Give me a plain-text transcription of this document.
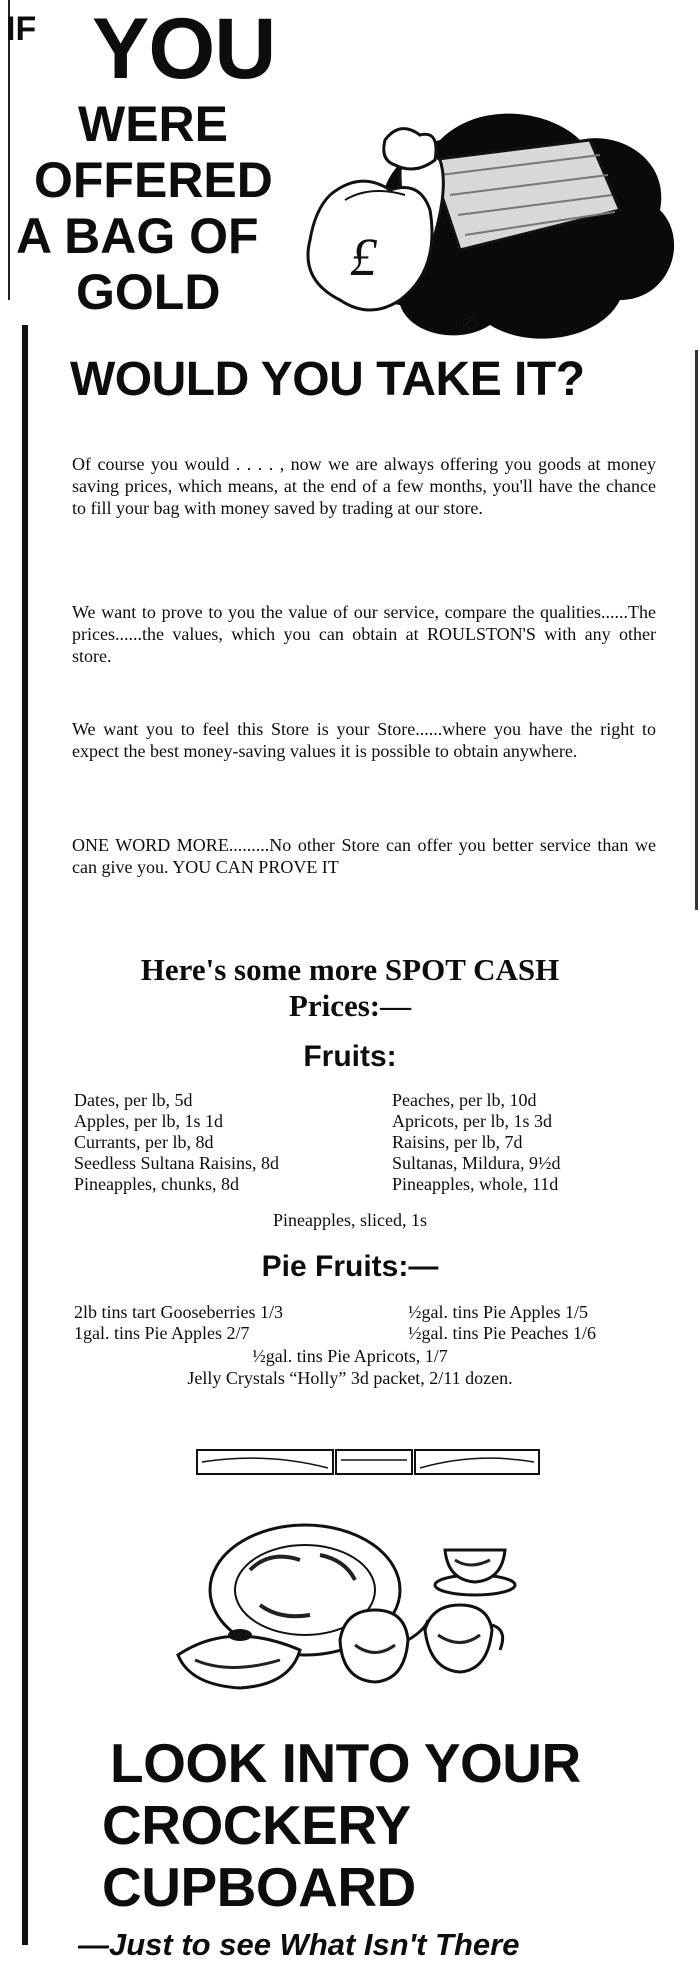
IF YOU
WERE
OFFERED
A BAG OF
GOLD
£
©
WOULD YOU TAKE IT?
Of course you would . . . . , now we are always offering you goods at money saving prices, which means, at the end of a few months, you'll have the chance to fill your bag with money saved by trading at our store.
We want to prove to you the value of our service, compare the qualities......The prices......the values, which you can obtain at ROULSTON'S with any other store.
We want you to feel this Store is your Store......where you have the right to expect the best money-saving values it is possible to obtain anywhere.
ONE WORD MORE.........No other Store can offer you better service than we can give you. YOU CAN PROVE IT
Here's some more SPOT CASH
Prices:—
Fruits:
Dates, per lb, 5d
Apples, per lb, 1s 1d
Currants, per lb, 8d
Seedless Sultana Raisins, 8d
Pineapples, chunks, 8d
Peaches, per lb, 10d
Apricots, per lb, 1s 3d
Raisins, per lb, 7d
Sultanas, Mildura, 9½d
Pineapples, whole, 11d
Pineapples, sliced, 1s
Pie Fruits:—
2lb tins tart Gooseberries 1/3
1gal. tins Pie Apples 2/7
½gal. tins Pie Apples 1/5
½gal. tins Pie Peaches 1/6
½gal. tins Pie Apricots, 1/7
Jelly Crystals “Holly” 3d packet, 2/11 dozen.
LOOK INTO YOUR
CROCKERY
CUPBOARD
—Just to see What Isn't There
